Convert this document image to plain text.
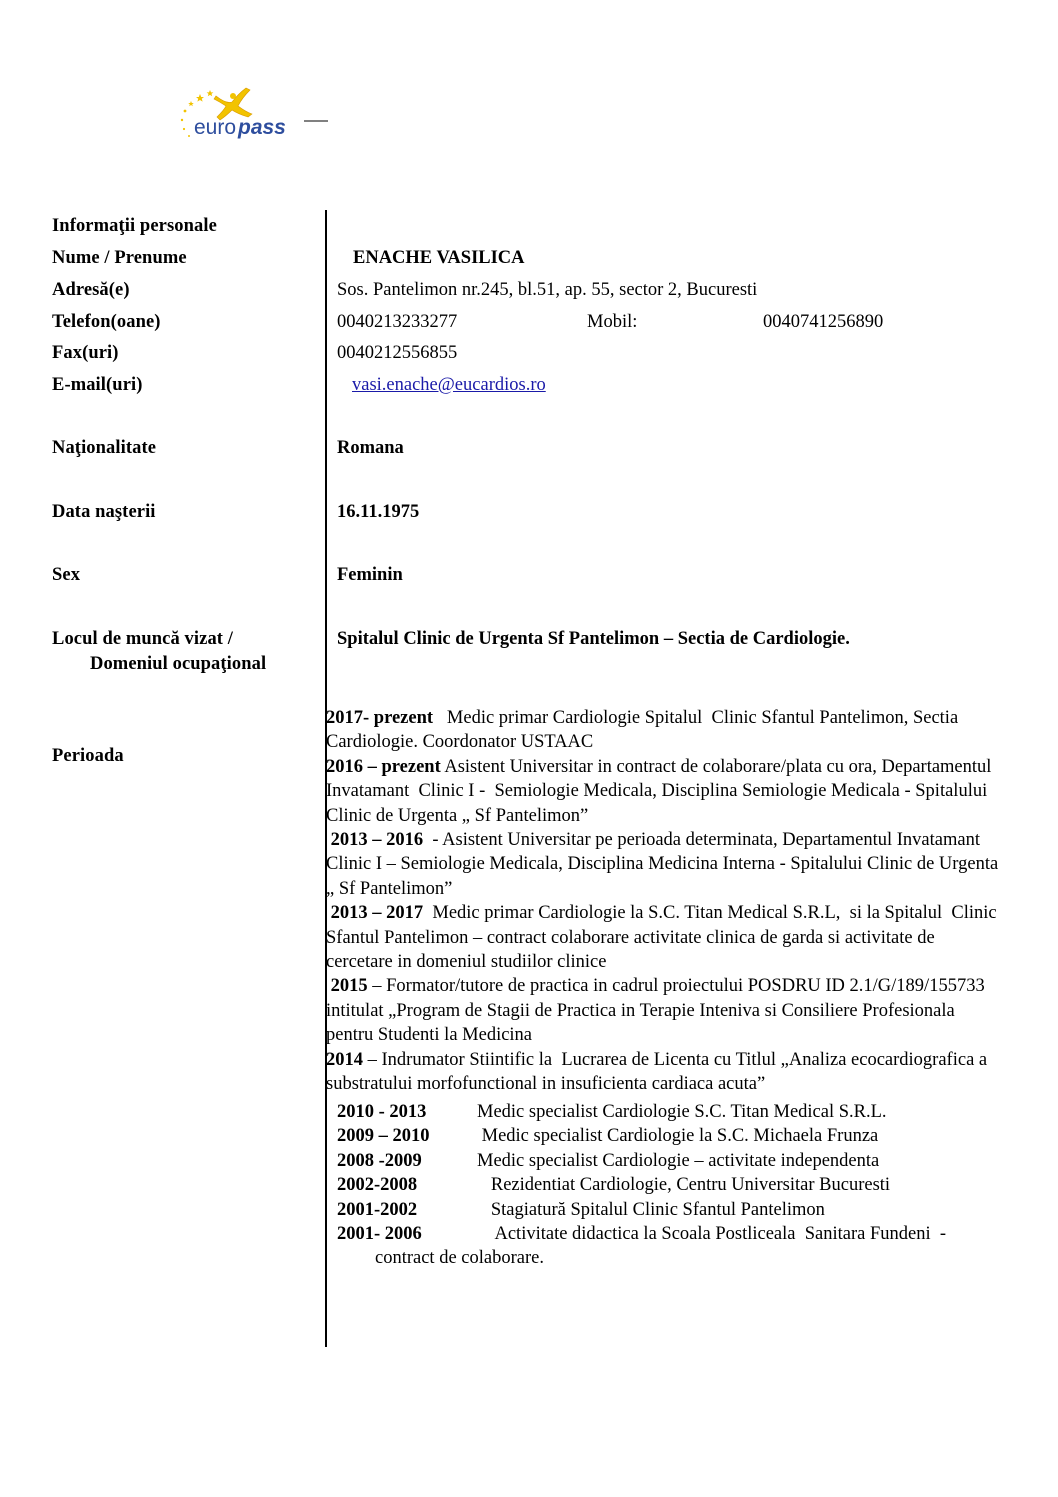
euro pass
Informaţii personale
Nume / Prenume	ENACHE VASILICA
Adresă(e)	Sos. Pantelimon nr.245, bl.51, ap. 55, sector 2, Bucuresti
Telefon(oane)	0040213233277	Mobil:	0040741256890
Fax(uri)	0040212556855
E-mail(uri)	vasi.enache@eucardios.ro
Naţionalitate	Romana
Data naşterii	16.11.1975
Sex	Feminin
Locul de muncă vizat /
Domeniul ocupaţional
Spitalul Clinic de Urgenta Sf Pantelimon – Sectia de Cardiologie.
Perioada
2017- prezent   Medic primar Cardiologie Spitalul  Clinic Sfantul Pantelimon, Sectia Cardiologie. Coordonator USTAAC
2016 – prezent Asistent Universitar in contract de colaborare/plata cu ora, Departamentul Invatamant  Clinic I -  Semiologie Medicala, Disciplina Semiologie Medicala - Spitalului Clinic de Urgenta „ Sf Pantelimon”
2013 – 2016  - Asistent Universitar pe perioada determinata, Departamentul Invatamant Clinic I – Semiologie Medicala, Disciplina Medicina Interna - Spitalului Clinic de Urgenta „ Sf Pantelimon”
2013 – 2017  Medic primar Cardiologie la S.C. Titan Medical S.R.L,  si la Spitalul  Clinic Sfantul Pantelimon – contract colaborare activitate clinica de garda si activitate de cercetare in domeniul studiilor clinice
2015 – Formator/tutore de practica in cadrul proiectului POSDRU ID 2.1/G/189/155733 intitulat „Program de Stagii de Practica in Terapie Inteniva si Consiliere Profesionala pentru Studenti la Medicina
2014 – Indrumator Stiintific la  Lucrarea de Licenta cu Titlul „Analiza ecocardiografica a substratului morfofunctional in insuficienta cardiaca acuta”
2010 - 2013	Medic specialist Cardiologie S.C. Titan Medical S.R.L.
2009 – 2010	Medic specialist Cardiologie la S.C. Michaela Frunza
2008 -2009	Medic specialist Cardiologie – activitate independenta
2002-2008	Rezidentiat Cardiologie, Centru Universitar Bucuresti
2001-2002	Stagiatură Spitalul Clinic Sfantul Pantelimon
2001- 2006	Activitate didactica la Scoala Postliceala  Sanitara Fundeni  -
contract de colaborare.
